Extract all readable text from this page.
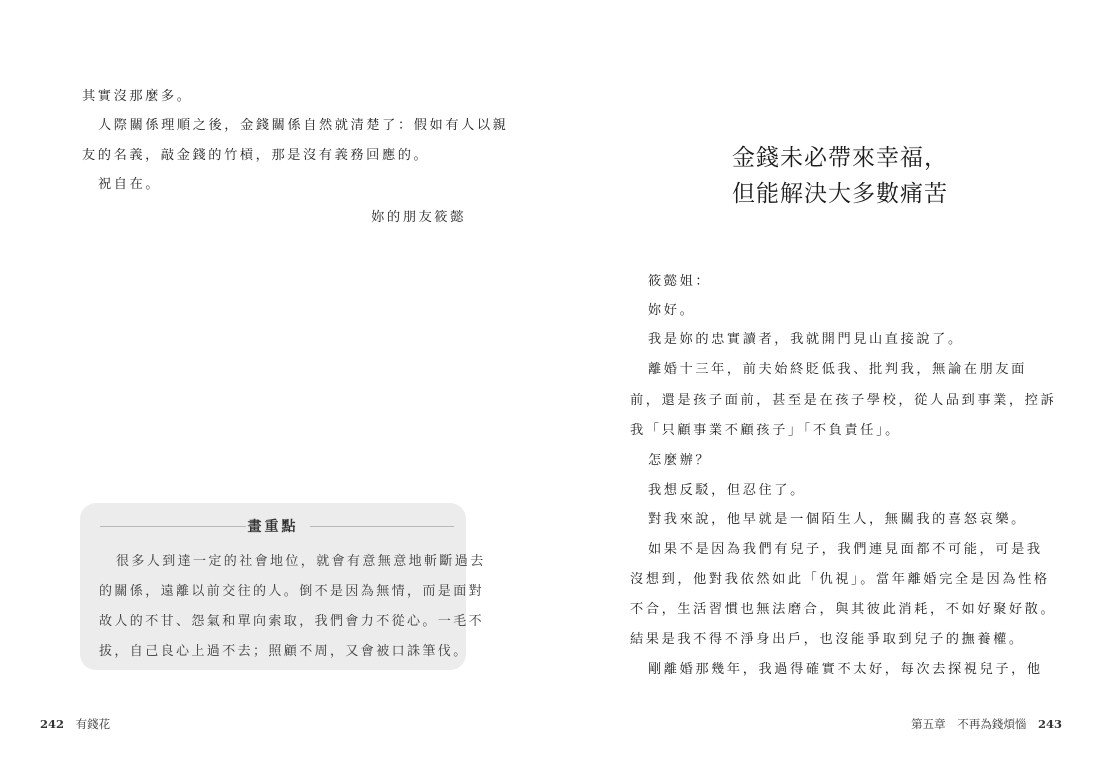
其實沒那麼多。
人際關係理順之後，金錢關係自然就清楚了：假如有人以親
友的名義，敲金錢的竹槓，那是沒有義務回應的。
祝自在。
妳的朋友筱懿
畫重點
很多人到達一定的社會地位，就會有意無意地斬斷過去
的關係，遠離以前交往的人。倒不是因為無情，而是面對
故人的不甘、怨氣和單向索取，我們會力不從心。一毛不
拔，自己良心上過不去；照顧不周，又會被口誅筆伐。
242 有錢花
金錢未必帶來幸福，
但能解決大多數痛苦
筱懿姐：
妳好。
我是妳的忠實讀者，我就開門見山直接說了。
離婚十三年，前夫始終貶低我、批判我，無論在朋友面
前，還是孩子面前，甚至是在孩子學校，從人品到事業，控訴
我「只顧事業不顧孩子」「不負責任」。
怎麼辦？
我想反駁，但忍住了。
對我來說，他早就是一個陌生人，無關我的喜怒哀樂。
如果不是因為我們有兒子，我們連見面都不可能，可是我
沒想到，他對我依然如此「仇視」。當年離婚完全是因為性格
不合，生活習慣也無法磨合，與其彼此消耗，不如好聚好散。
結果是我不得不淨身出戶，也沒能爭取到兒子的撫養權。
剛離婚那幾年，我過得確實不太好，每次去探視兒子，他
第五章 不再為錢煩惱 243
